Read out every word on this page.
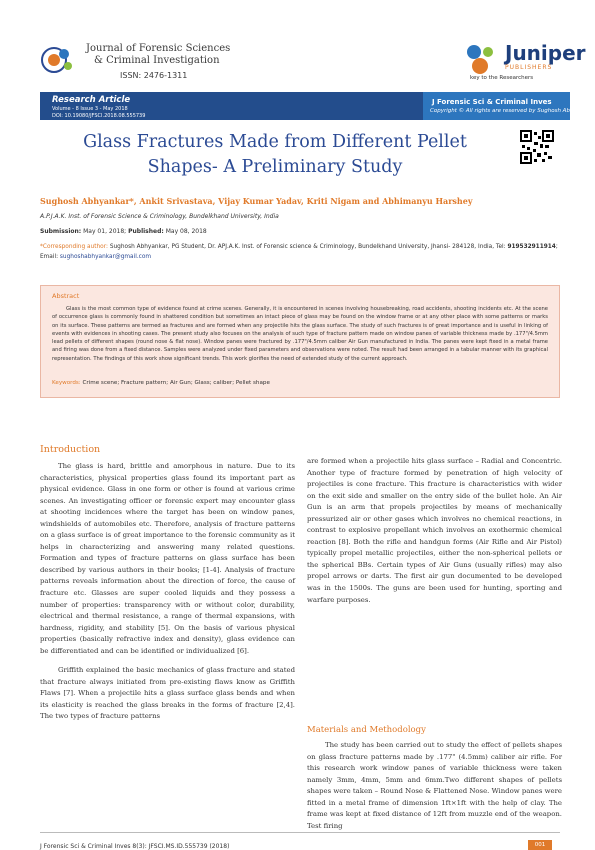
Journal of Forensic Sciences
& Criminal Investigation
ISSN: 2476-1311
Juniper
PUBLISHERS
key to the Researchers
Research Article
Volume - 8 Issue 3 - May 2018
DOI: 10.19080/JFSCI.2018.08.555739
J Forensic Sci & Criminal Inves
Copyright © All rights are reserved by Sughosh Abhyankar
Glass Fractures Made from Different Pellet Shapes- A Preliminary Study
Sughosh Abhyankar*, Ankit Srivastava, Vijay Kumar Yadav, Kriti Nigam and Abhimanyu Harshey
A.P.J.A.K. Inst. of Forensic Science & Criminology, Bundelkhand University, India
Submission: May 01, 2018; Published: May 08, 2018
*Corresponding author: Sughosh Abhyankar, PG Student, Dr. APJ.A.K. Inst. of Forensic science & Criminology, Bundelkhand University, Jhansi- 284128, India, Tel: 919532911914; Email: sughoshabhyankar@gmail.com
Abstract
Glass is the most common type of evidence found at crime scenes. Generally, it is encountered in scenes involving housebreaking, road accidents, shooting incidents etc. At the scene of occurrence glass is commonly found in shattered condition but sometimes an intact piece of glass may be found on the window frame or at any other place with some patterns or marks on its surface. These patterns are termed as fractures and are formed when any projectile hits the glass surface. The study of such fractures is of great importance and is useful in linking of events with evidences in shooting cases. The present study also focuses on the analysis of such type of fracture pattern made on window panes of variable thickness made by .177"/4.5mm lead pellets of different shapes (round nose & flat nose). Window panes were fractured by .177"/4.5mm caliber Air Gun manufactured in India. The panes were kept fixed in a metal frame and firing was done from a fixed distance. Samples were analyzed under fixed parameters and observations were noted. The result had been arranged in a tabular manner with its graphical representation. The findings of this work show significant trends. This work glorifies the need of extended study of the current approach.
Keywords: Crime scene; Fracture pattern; Air Gun; Glass; caliber; Pellet shape
Introduction

The glass is hard, brittle and amorphous in nature. Due to its characteristics, physical properties glass found its important part as physical evidence. Glass in one form or other is found at various crime scenes. An investigating officer or forensic expert may encounter glass at shooting incidences where the target has been on window panes, windshields of automobiles etc. Therefore, analysis of fracture patterns on a glass surface is of great importance to the forensic community as it helps in characterizing and answering many related questions. Formation and types of fracture patterns on glass surface has been described by various authors in their books; [1-4]. Analysis of fracture patterns reveals information about the direction of force, the cause of fracture etc. Glasses are super cooled liquids and they possess a number of properties: transparency with or without color, durability, electrical and thermal resistance, a range of thermal expansions, with hardness, rigidity, and stability [5]. On the basis of various physical properties (basically refractive index and density), glass evidence can be differentiated and can be identified or individualized [6].

Griffith explained the basic mechanics of glass fracture and stated that fracture always initiated from pre-existing flaws know as Griffith Flaws [7]. When a projectile hits a glass surface glass bends and when its elasticity is reached the glass breaks in the forms of fracture [2,4]. The two types of fracture patterns

are formed when a projectile hits glass surface – Radial and Concentric. Another type of fracture formed by penetration of high velocity of projectiles is cone fracture. This fracture is characteristics with wider on the exit side and smaller on the entry side of the bullet hole. An Air Gun is an arm that propels projectiles by means of mechanically pressurized air or other gases which involves no chemical reactions, in contrast to explosive propellant which involves an exothermic chemical reaction [8]. Both the rifle and handgun forms (Air Rifle and Air Pistol) typically propel metallic projectiles, either the non-spherical pellets or the spherical BBs. Certain types of Air Guns (usually rifles) may also propel arrows or darts. The first air gun documented to be developed was in the 1500s. The guns are been used for hunting, sporting and warfare purposes.

Materials and Methodology

The study has been carried out to study the effect of pellets shapes on glass fracture patterns made by .177" (4.5mm) caliber air rifle. For this research work window panes of variable thickness were taken namely 3mm, 4mm, 5mm and 6mm.Two different shapes of pellets shapes were taken – Round Nose & Flattened Nose. Window panes were fitted in a metal frame of dimension 1ft×1ft with the help of clay. The frame was kept at fixed distance of 12ft from muzzle end of the weapon. Test firing

J Forensic Sci & Criminal Inves 8(3): JFSCI.MS.ID.555739 (2018)	001
